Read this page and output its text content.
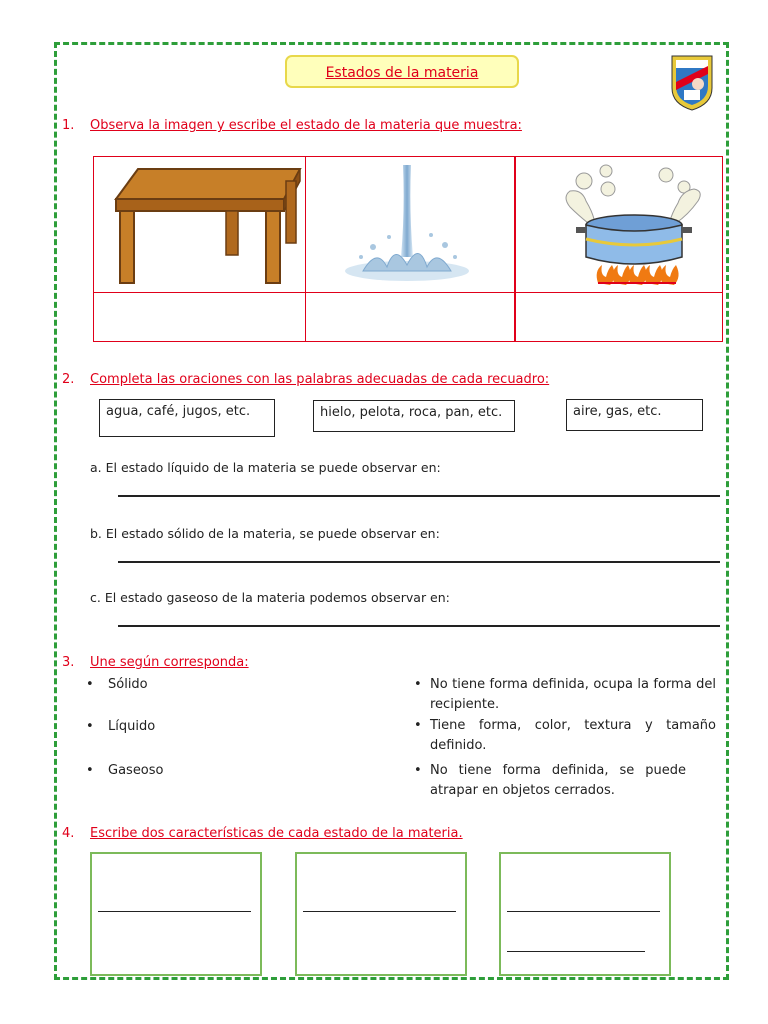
Estados de la materia
1. Observa la imagen y escribe el estado de la materia que muestra:
2. Completa las oraciones con las palabras adecuadas de cada recuadro:
agua, café, jugos, etc.	hielo, pelota, roca, pan, etc.	aire, gas, etc.
a. El estado líquido de la materia se puede observar en:
b. El estado sólido de la materia, se puede observar en:
c. El estado gaseoso de la materia podemos observar en:
3. Une según corresponda:
• Sólido
• Líquido
• Gaseoso
• No tiene forma definida, ocupa la forma del recipiente.
• Tiene forma, color, textura y tamaño definido.
• No tiene forma definida, se puede atrapar en objetos cerrados.
4. Escribe dos características de cada estado de la materia.
